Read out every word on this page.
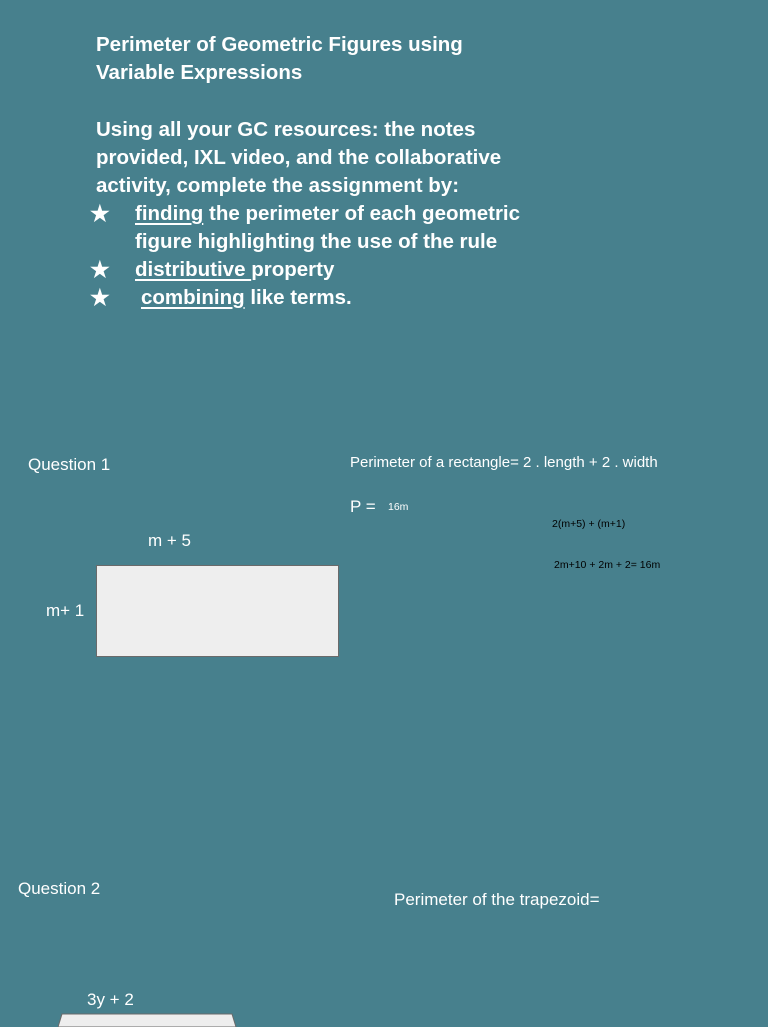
Perimeter of Geometric Figures using
Variable Expressions
Using all your GC resources: the notes
provided, IXL video, and the collaborative
activity, complete the assignment by:
★ finding the perimeter of each geometric
figure highlighting the use of the rule
★ distributive property
★ combining like terms.
Question 1	Perimeter of a rectangle= 2 . length + 2 . width
P = 16m
2(m+5) + (m+1)
2m+10 + 2m + 2= 16m
m + 5
m+ 1
Question 2
Perimeter of the trapezoid=
3y + 2
